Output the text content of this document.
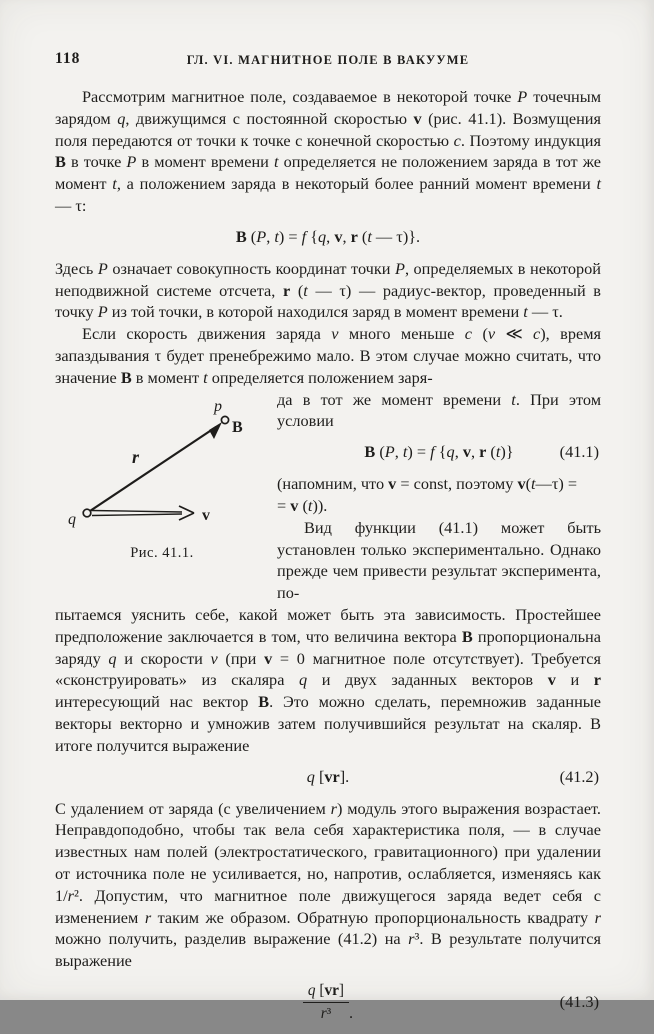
118	ГЛ. VI. МАГНИТНОЕ ПОЛЕ В ВАКУУМЕ

Рассмотрим магнитное поле, создаваемое в некоторой точке P точечным зарядом q, движущимся с постоянной скоростью v (рис. 41.1). Возмущения поля передаются от точки к точке с конечной скоростью c. Поэтому индукция B в точке P в момент времени t определяется не положением заряда в тот же момент t, а положением заряда в некоторый более ранний момент времени t — τ:

B (P, t) = f {q, v, r (t — τ)}.

Здесь P означает совокупность координат точки P, определяемых в некоторой неподвижной системе отсчета, r (t — τ) — радиус-вектор, проведенный в точку P из той точки, в которой находился заряд в момент времени t — τ.

Если скорость движения заряда v много меньше c (v ≪ c), время запаздывания τ будет пренебрежимо мало. В этом случае можно считать, что значение B в момент t определяется положением заря-

p
B
r
q	v
Рис. 41.1.

да в тот же момент времени t. При этом условии

B (P, t) = f {q, v, r (t)}	(41.1)

(напомним, что v = const, поэтому v(t—τ) =
= v (t)).

Вид функции (41.1) может быть установлен только экспериментально. Однако прежде чем привести результат эксперимента, по-

пытаемся уяснить себе, какой может быть эта зависимость. Простейшее предположение заключается в том, что величина вектора B пропорциональна заряду q и скорости v (при v = 0 магнитное поле отсутствует). Требуется «сконструировать» из скаляра q и двух заданных векторов v и r интересующий нас вектор B. Это можно сделать, перемножив заданные векторы векторно и умножив затем получившийся результат на скаляр. В итоге получится выражение

q [vr].	(41.2)

С удалением от заряда (с увеличением r) модуль этого выражения возрастает. Неправдоподобно, чтобы так вела себя характеристика поля, — в случае известных нам полей (электростатического, гравитационного) при удалении от источника поле не усиливается, но, напротив, ослабляется, изменяясь как 1/r². Допустим, что магнитное поле движущегося заряда ведет себя с изменением r таким же образом. Обратную пропорциональность квадрату r можно получить, разделив выражение (41.2) на r³. В результате получится выражение

$\frac{q [vr]}{\text{r³}}$ .
(41.3)
